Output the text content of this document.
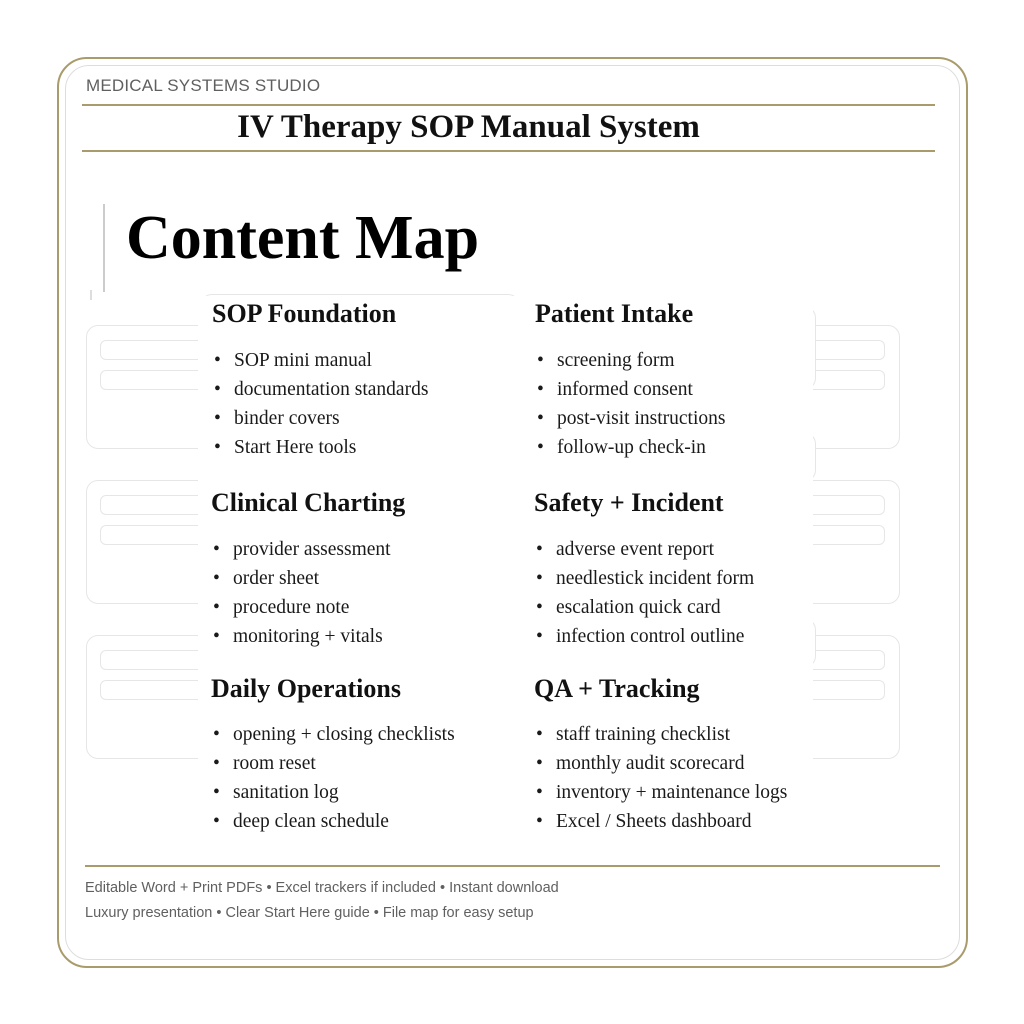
MEDICAL SYSTEMS STUDIO
IV Therapy SOP Manual System
Content Map
SOP Foundation
• SOP mini manual
• documentation standards
• binder covers
• Start Here tools
Patient Intake
• screening form
• informed consent
• post-visit instructions
• follow-up check-in
Clinical Charting
• provider assessment
• order sheet
• procedure note
• monitoring + vitals
Safety + Incident
• adverse event report
• needlestick incident form
• escalation quick card
• infection control outline
Daily Operations
• opening + closing checklists
• room reset
• sanitation log
• deep clean schedule
QA + Tracking
• staff training checklist
• monthly audit scorecard
• inventory + maintenance logs
• Excel / Sheets dashboard
Editable Word + Print PDFs • Excel trackers if included • Instant download
Luxury presentation • Clear Start Here guide • File map for easy setup
